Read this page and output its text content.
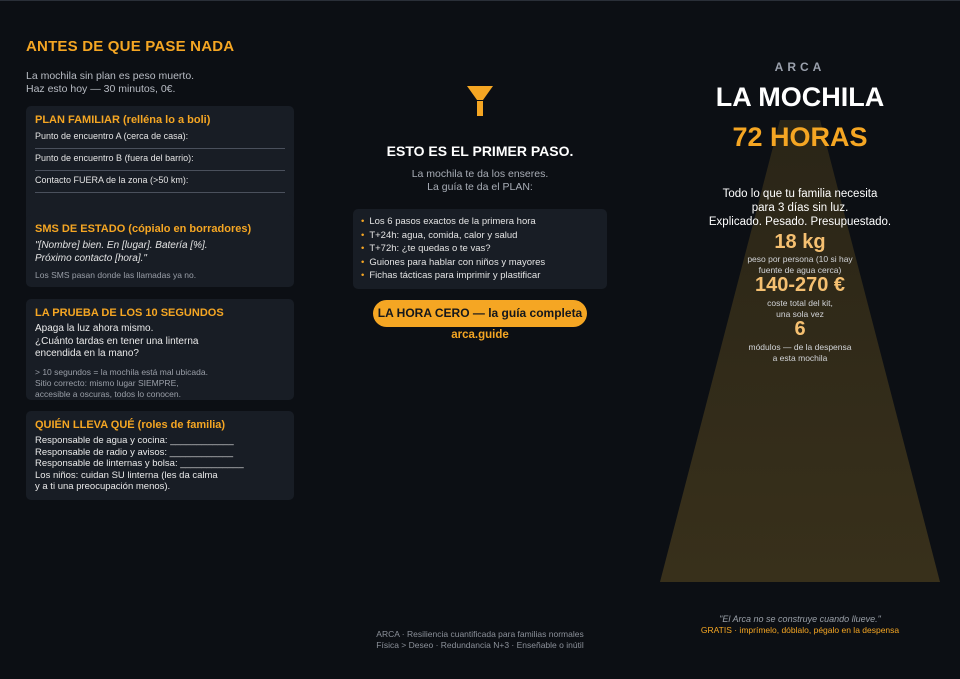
ANTES DE QUE PASE NADA
La mochila sin plan es peso muerto.
Haz esto hoy — 30 minutos, 0€.
PLAN FAMILIAR (relléna lo a boli)
Punto de encuentro A (cerca de casa):
Punto de encuentro B (fuera del barrio):
Contacto FUERA de la zona (>50 km):
SMS DE ESTADO (cópialo en borradores)
"[Nombre] bien. En [lugar]. Batería [%].
Próximo contacto [hora]."
Los SMS pasan donde las llamadas ya no.
LA PRUEBA DE LOS 10 SEGUNDOS
Apaga la luz ahora mismo.
¿Cuánto tardas en tener una linterna
encendida en la mano?
> 10 segundos = la mochila está mal ubicada.
Sitio correcto: mismo lugar SIEMPRE,
accesible a oscuras, todos lo conocen.
QUIÉN LLEVA QUÉ (roles de familia)
Responsable de agua y cocina: ____________
Responsable de radio y avisos: ____________
Responsable de linternas y bolsa: ____________
Los niños: cuidan SU linterna (les da calma
y a ti una preocupación menos).
ESTO ES EL PRIMER PASO.
La mochila te da los enseres.
La guía te da el PLAN:
• Los 6 pasos exactos de la primera hora
• T+24h: agua, comida, calor y salud
• T+72h: ¿te quedas o te vas?
• Guiones para hablar con niños y mayores
• Fichas tácticas para imprimir y plastificar
LA HORA CERO — la guía completa
arca.guide
ARCA · Resiliencia cuantificada para familias normales
Física > Deseo · Redundancia N+3 · Enseñable o inútil
ARCA
LA MOCHILA
72 HORAS
Todo lo que tu familia necesita
para 3 días sin luz.
Explicado. Pesado. Presupuestado.
18 kg
peso por persona (10 si hay
fuente de agua cerca)
140-270 €
coste total del kit,
una sola vez
6
módulos — de la despensa
a esta mochila
"El Arca no se construye cuando llueve."
GRATIS · imprímelo, dóblalo, pégalo en la despensa
